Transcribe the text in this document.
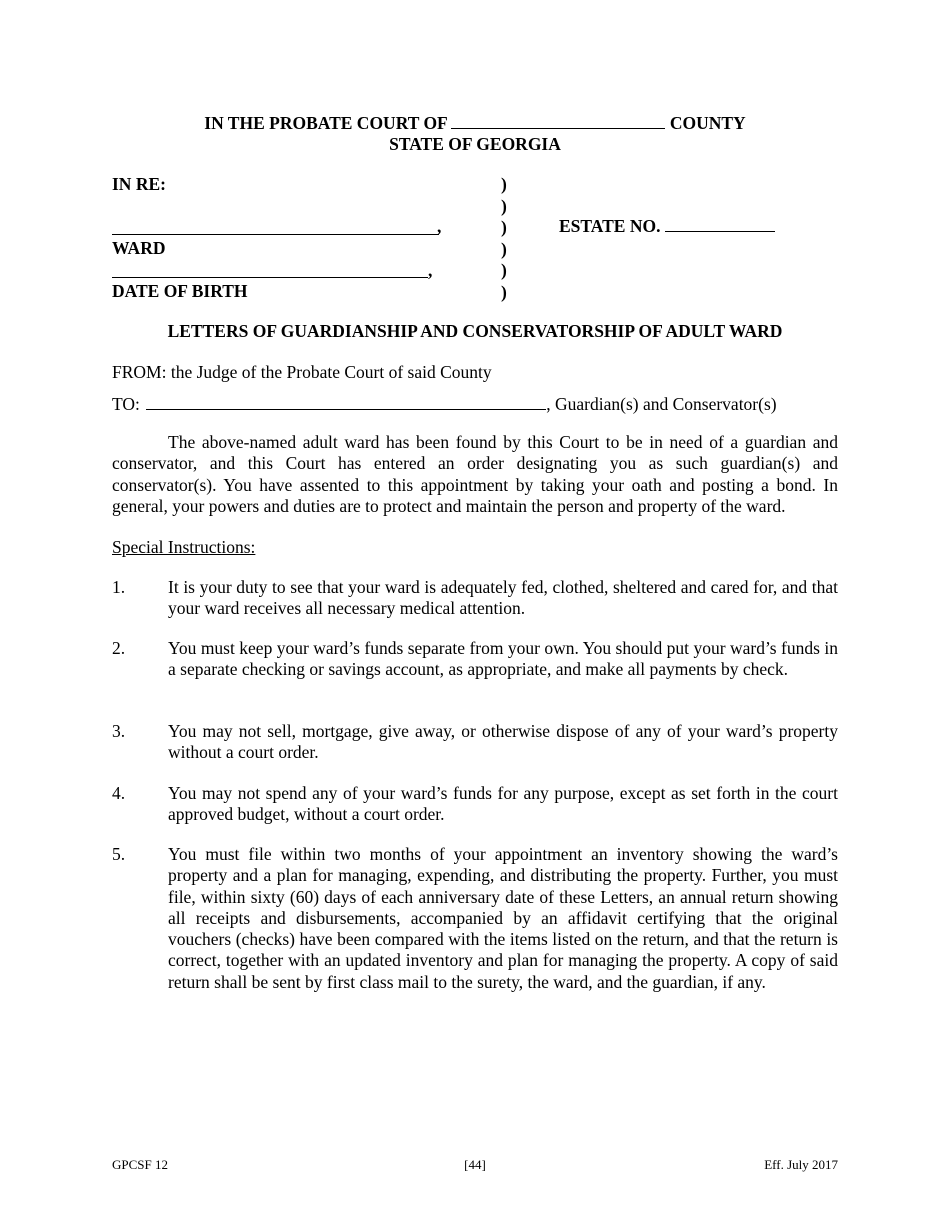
IN THE PROBATE COURT OF	COUNTY
STATE OF GEORGIA
IN RE:
,
WARD
,
DATE OF BIRTH
)
)
)
)
)
)
ESTATE NO.
LETTERS OF GUARDIANSHIP AND CONSERVATORSHIP OF ADULT WARD
FROM: the Judge of the Probate Court of said County
TO:	, Guardian(s) and Conservator(s)
The above-named adult ward has been found by this Court to be in need of a guardian and conservator, and this Court has entered an order designating you as such guardian(s) and conservator(s). You have assented to this appointment by taking your oath and posting a bond. In general, your powers and duties are to protect and maintain the person and property of the ward.
Special Instructions:
1. It is your duty to see that your ward is adequately fed, clothed, sheltered and cared for, and that your ward receives all necessary medical attention.
2. You must keep your ward’s funds separate from your own. You should put your ward’s funds in a separate checking or savings account, as appropriate, and make all payments by check.
3. You may not sell, mortgage, give away, or otherwise dispose of any of your ward’s property without a court order.
4. You may not spend any of your ward’s funds for any purpose, except as set forth in the court approved budget, without a court order.
5. You must file within two months of your appointment an inventory showing the ward’s property and a plan for managing, expending, and distributing the property. Further, you must file, within sixty (60) days of each anniversary date of these Letters, an annual return showing all receipts and disbursements, accompanied by an affidavit certifying that the original vouchers (checks) have been compared with the items listed on the return, and that the return is correct, together with an updated inventory and plan for managing the property. A copy of said return shall be sent by first class mail to the surety, the ward, and the guardian, if any.
GPCSF 12	[44]	Eff. July 2017
